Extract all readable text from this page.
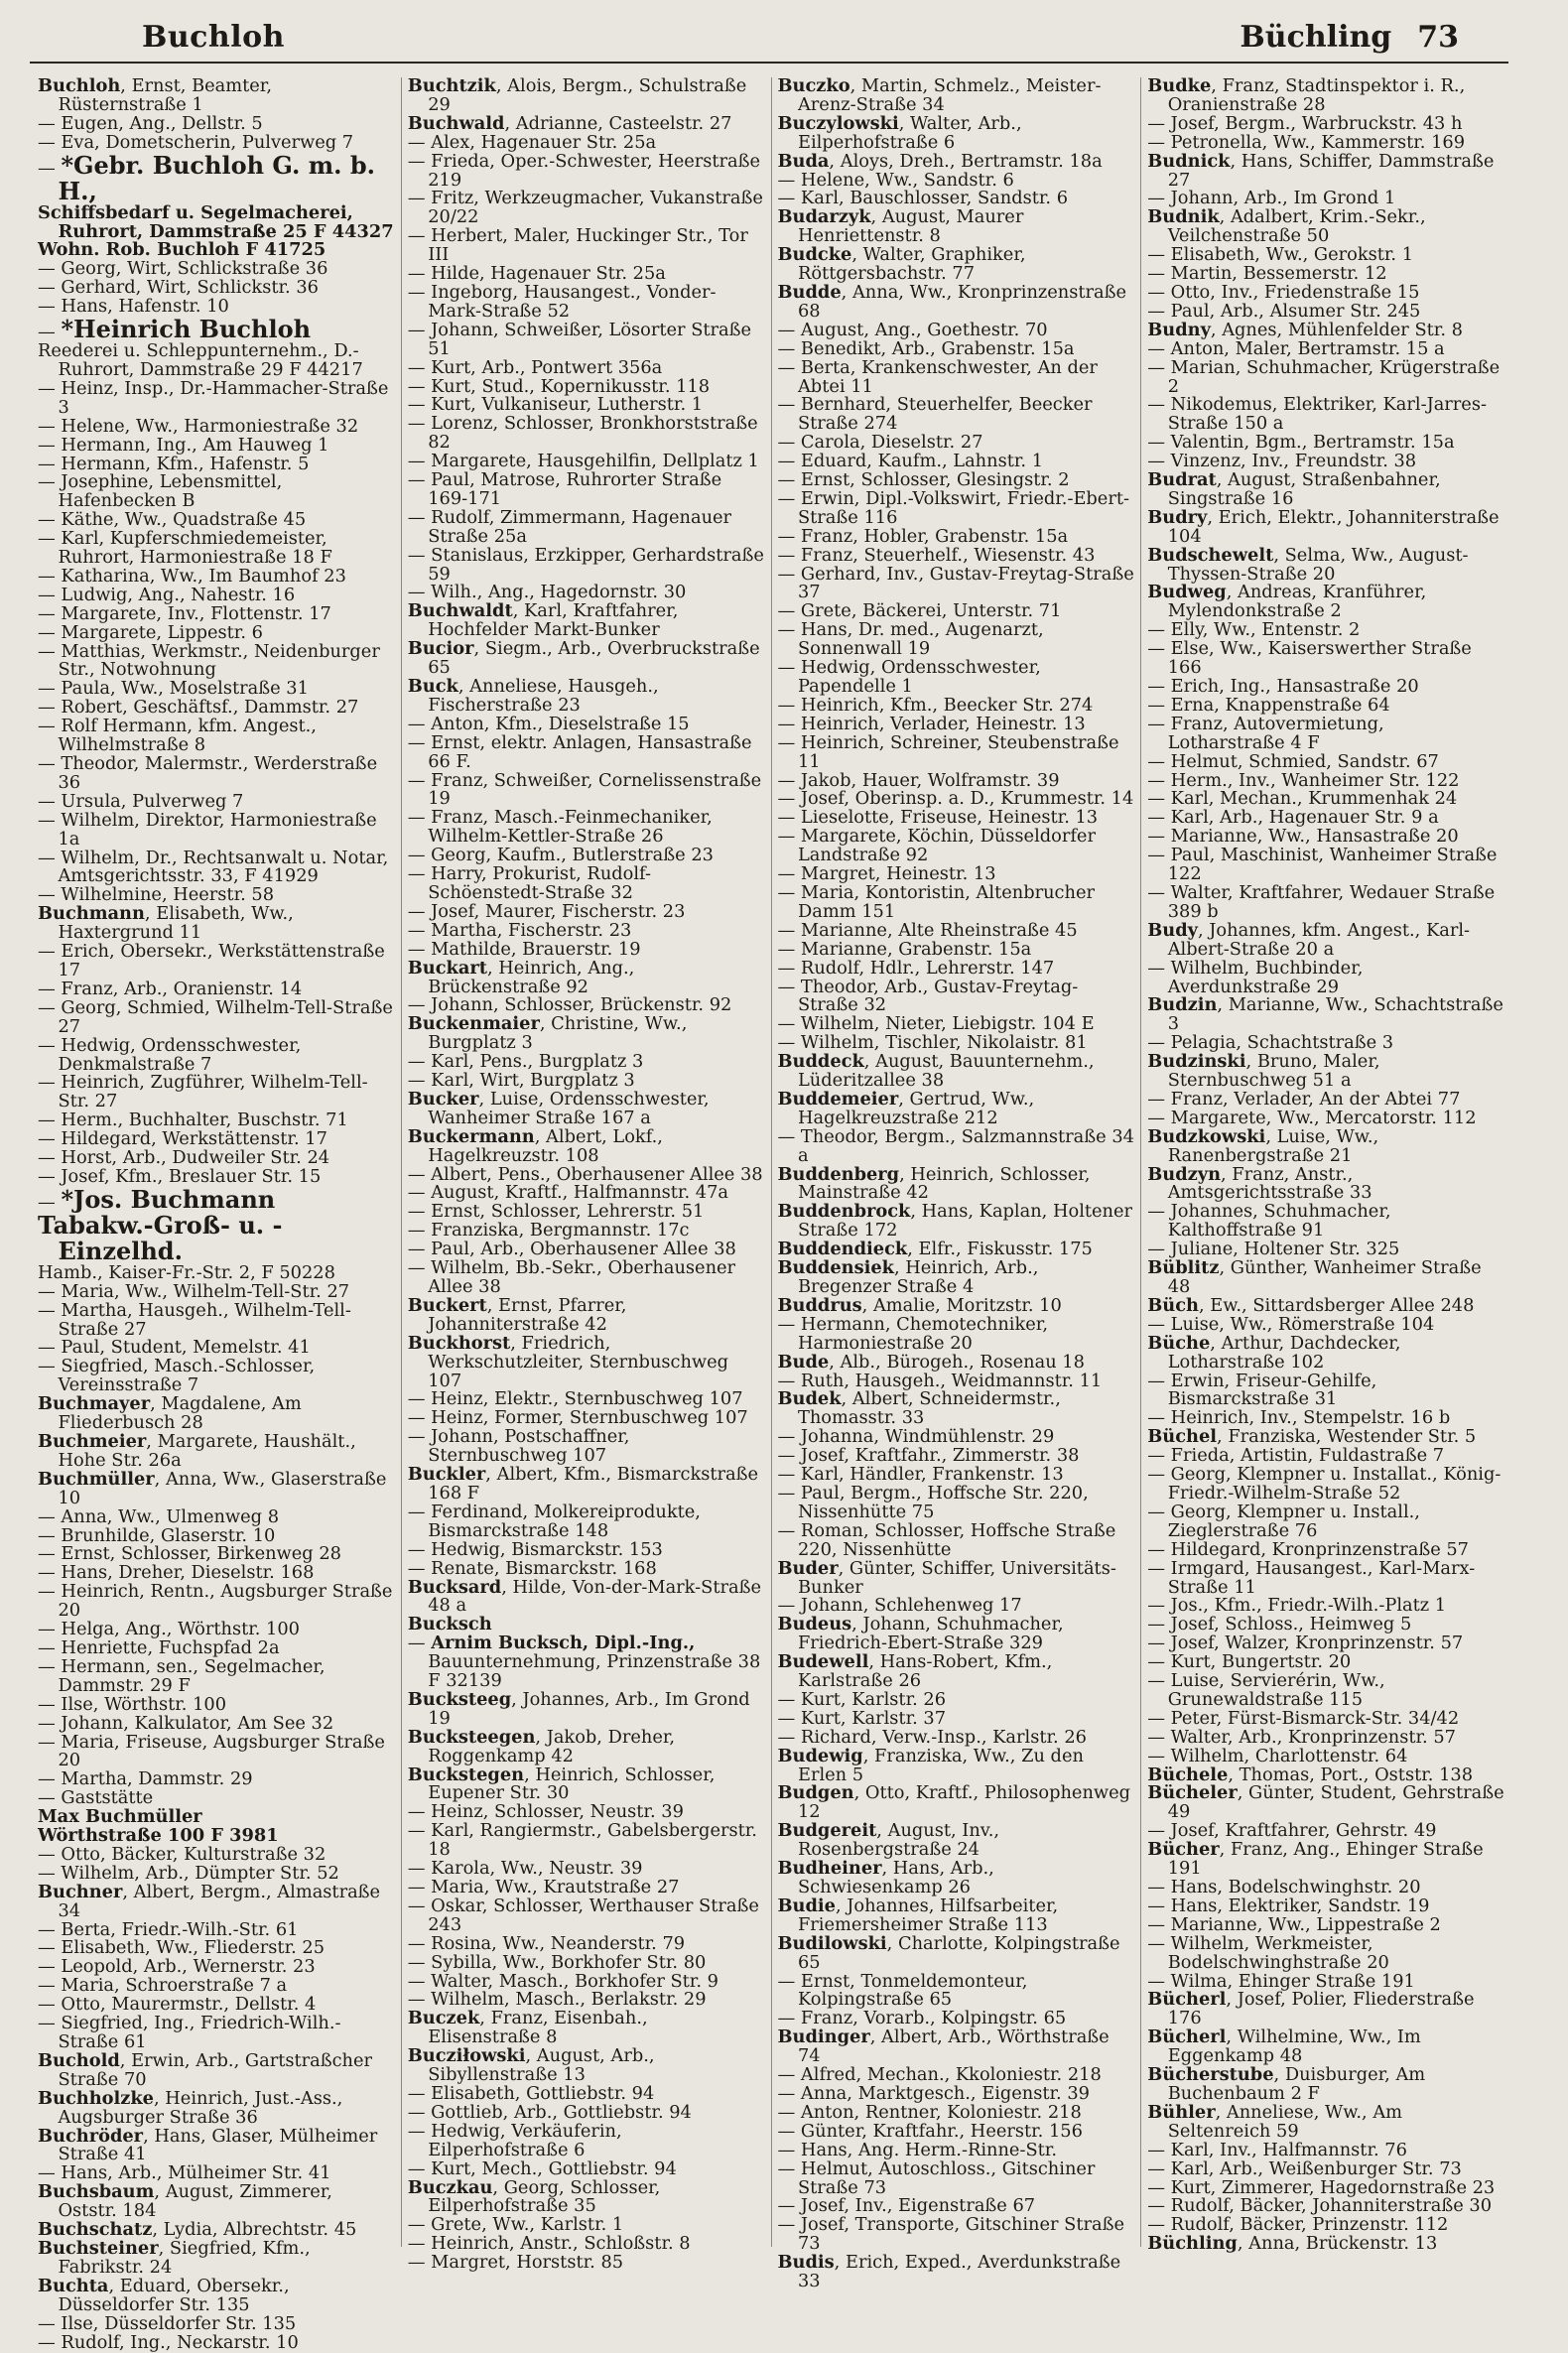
Buchloh	Büchling 73
Buchloh, Ernst, Beamter, Rüsternstraße 1
— Eugen, Ang., Dellstr. 5
— Eva, Dometscherin, Pulverweg 7
— *Gebr. Buchloh G. m. b. H.,
Schiffsbedarf u. Segelmacherei, Ruhrort, Dammstraße 25 F 44327
Wohn. Rob. Buchloh F 41725
— Georg, Wirt, Schlickstraße 36
— Gerhard, Wirt, Schlickstr. 36
— Hans, Hafenstr. 10
— *Heinrich Buchloh
Reederei u. Schleppunternehm., D.-Ruhrort, Dammstraße 29 F 44217
— Heinz, Insp., Dr.-Hammacher-Straße 3
— Helene, Ww., Harmoniestraße 32
— Hermann, Ing., Am Hauweg 1
— Hermann, Kfm., Hafenstr. 5
— Josephine, Lebensmittel, Hafenbecken B
— Käthe, Ww., Quadstraße 45
— Karl, Kupferschmiedemeister, Ruhrort, Harmoniestraße 18 F
— Katharina, Ww., Im Baumhof 23
— Ludwig, Ang., Nahestr. 16
— Margarete, Inv., Flottenstr. 17
— Margarete, Lippestr. 6
— Matthias, Werkmstr., Neidenburger Str., Notwohnung
— Paula, Ww., Moselstraße 31
— Robert, Geschäftsf., Dammstr. 27
— Rolf Hermann, kfm. Angest., Wilhelmstraße 8
— Theodor, Malermstr., Werderstraße 36
— Ursula, Pulverweg 7
— Wilhelm, Direktor, Harmoniestraße 1a
— Wilhelm, Dr., Rechtsanwalt u. Notar, Amtsgerichtsstr. 33, F 41929
— Wilhelmine, Heerstr. 58
Buchmann, Elisabeth, Ww., Haxtergrund 11
— Erich, Obersekr., Werkstättenstraße 17
— Franz, Arb., Oranienstr. 14
— Georg, Schmied, Wilhelm-Tell-Straße 27
— Hedwig, Ordensschwester, Denkmalstraße 7
— Heinrich, Zugführer, Wilhelm-Tell-Str. 27
— Herm., Buchhalter, Buschstr. 71
— Hildegard, Werkstättenstr. 17
— Horst, Arb., Dudweiler Str. 24
— Josef, Kfm., Breslauer Str. 15
— *Jos. Buchmann
Tabakw.-Groß- u. -Einzelhd.
Hamb., Kaiser-Fr.-Str. 2, F 50228
— Maria, Ww., Wilhelm-Tell-Str. 27
— Martha, Hausgeh., Wilhelm-Tell-Straße 27
— Paul, Student, Memelstr. 41
— Siegfried, Masch.-Schlosser, Vereinsstraße 7
Buchmayer, Magdalene, Am Fliederbusch 28
Buchmeier, Margarete, Haushält., Hohe Str. 26a
Buchmüller, Anna, Ww., Glaserstraße 10
— Anna, Ww., Ulmenweg 8
— Brunhilde, Glaserstr. 10
— Ernst, Schlosser, Birkenweg 28
— Hans, Dreher, Dieselstr. 168
— Heinrich, Rentn., Augsburger Straße 20
— Helga, Ang., Wörthstr. 100
— Henriette, Fuchspfad 2a
— Hermann, sen., Segelmacher, Dammstr. 29 F
— Ilse, Wörthstr. 100
— Johann, Kalkulator, Am See 32
— Maria, Friseuse, Augsburger Straße 20
— Martha, Dammstr. 29
— Gaststätte
Max Buchmüller
Wörthstraße 100 F 3981
— Otto, Bäcker, Kulturstraße 32
— Wilhelm, Arb., Dümpter Str. 52
Buchner, Albert, Bergm., Almastraße 34
— Berta, Friedr.-Wilh.-Str. 61
— Elisabeth, Ww., Fliederstr. 25
— Leopold, Arb., Wernerstr. 23
— Maria, Schroerstraße 7 a
— Otto, Maurermstr., Dellstr. 4
— Siegfried, Ing., Friedrich-Wilh.-Straße 61
Buchold, Erwin, Arb., Gartstraßcher Straße 70
Buchholzke, Heinrich, Just.-Ass., Augsburger Straße 36
Buchröder, Hans, Glaser, Mülheimer Straße 41
— Hans, Arb., Mülheimer Str. 41
Buchsbaum, August, Zimmerer, Oststr. 184
Buchschatz, Lydia, Albrechtstr. 45
Buchsteiner, Siegfried, Kfm., Fabrikstr. 24
Buchta, Eduard, Obersekr., Düsseldorfer Str. 135
— Ilse, Düsseldorfer Str. 135
— Rudolf, Ing., Neckarstr. 10
Buchtzik, Alois, Bergm., Schulstraße 29
Buchwald, Adrianne, Casteelstr. 27
— Alex, Hagenauer Str. 25a
— Frieda, Oper.-Schwester, Heerstraße 219
— Fritz, Werkzeugmacher, Vukanstraße 20/22
— Herbert, Maler, Huckinger Str., Tor III
— Hilde, Hagenauer Str. 25a
— Ingeborg, Hausangest., Vonder-Mark-Straße 52
— Johann, Schweißer, Lösorter Straße 51
— Kurt, Arb., Pontwert 356a
— Kurt, Stud., Kopernikusstr. 118
— Kurt, Vulkaniseur, Lutherstr. 1
— Lorenz, Schlosser, Bronkhorststraße 82
— Margarete, Hausgehilfin, Dellplatz 1
— Paul, Matrose, Ruhrorter Straße 169-171
— Rudolf, Zimmermann, Hagenauer Straße 25a
— Stanislaus, Erzkipper, Gerhardstraße 59
— Wilh., Ang., Hagedornstr. 30
Buchwaldt, Karl, Kraftfahrer, Hochfelder Markt-Bunker
Bucior, Siegm., Arb., Overbruckstraße 65
Buck, Anneliese, Hausgeh., Fischerstraße 23
— Anton, Kfm., Dieselstraße 15
— Ernst, elektr. Anlagen, Hansastraße 66 F.
— Franz, Schweißer, Cornelissenstraße 19
— Franz, Masch.-Feinmechaniker, Wilhelm-Kettler-Straße 26
— Georg, Kaufm., Butlerstraße 23
— Harry, Prokurist, Rudolf-Schöenstedt-Straße 32
— Josef, Maurer, Fischerstr. 23
— Martha, Fischerstr. 23
— Mathilde, Brauerstr. 19
Buckart, Heinrich, Ang., Brückenstraße 92
— Johann, Schlosser, Brückenstr. 92
Buckenmaier, Christine, Ww., Burgplatz 3
— Karl, Pens., Burgplatz 3
— Karl, Wirt, Burgplatz 3
Bucker, Luise, Ordensschwester, Wanheimer Straße 167 a
Buckermann, Albert, Lokf., Hagelkreuzstr. 108
— Albert, Pens., Oberhausener Allee 38
— August, Kraftf., Halfmannstr. 47a
— Ernst, Schlosser, Lehrerstr. 51
— Franziska, Bergmannstr. 17c
— Paul, Arb., Oberhausener Allee 38
— Wilhelm, Bb.-Sekr., Oberhausener Allee 38
Buckert, Ernst, Pfarrer, Johanniterstraße 42
Buckhorst, Friedrich, Werkschutzleiter, Sternbuschweg 107
— Heinz, Elektr., Sternbuschweg 107
— Heinz, Former, Sternbuschweg 107
— Johann, Postschaffner, Sternbuschweg 107
Buckler, Albert, Kfm., Bismarckstraße 168 F
— Ferdinand, Molkereiprodukte, Bismarckstraße 148
— Hedwig, Bismarckstr. 153
— Renate, Bismarckstr. 168
Bucksard, Hilde, Von-der-Mark-Straße 48 a
Bucksch
— Arnim Bucksch, Dipl.-Ing., Bauunternehmung, Prinzenstraße 38 F 32139
Bucksteeg, Johannes, Arb., Im Grond 19
Bucksteegen, Jakob, Dreher, Roggenkamp 42
Buckstegen, Heinrich, Schlosser, Eupener Str. 30
— Heinz, Schlosser, Neustr. 39
— Karl, Rangiermstr., Gabelsbergerstr. 18
— Karola, Ww., Neustr. 39
— Maria, Ww., Krautstraße 27
— Oskar, Schlosser, Werthauser Straße 243
— Rosina, Ww., Neanderstr. 79
— Sybilla, Ww., Borkhofer Str. 80
— Walter, Masch., Borkhofer Str. 9
— Wilhelm, Masch., Berlakstr. 29
Buczek, Franz, Eisenbah., Elisenstraße 8
Bucziłowski, August, Arb., Sibyllenstraße 13
— Elisabeth, Gottliebstr. 94
— Gottlieb, Arb., Gottliebstr. 94
— Hedwig, Verkäuferin, Eilperhofstraße 6
— Kurt, Mech., Gottliebstr. 94
Buczkau, Georg, Schlosser, Eilperhofstraße 35
— Grete, Ww., Karlstr. 1
— Heinrich, Anstr., Schloßstr. 8
— Margret, Horststr. 85
Buczko, Martin, Schmelz., Meister-Arenz-Straße 34
Buczylowski, Walter, Arb., Eilperhofstraße 6
Buda, Aloys, Dreh., Bertramstr. 18a
— Helene, Ww., Sandstr. 6
— Karl, Bauschlosser, Sandstr. 6
Budarzyk, August, Maurer Henriettenstr. 8
Budcke, Walter, Graphiker, Röttgersbachstr. 77
Budde, Anna, Ww., Kronprinzenstraße 68
— August, Ang., Goethestr. 70
— Benedikt, Arb., Grabenstr. 15a
— Berta, Krankenschwester, An der Abtei 11
— Bernhard, Steuerhelfer, Beecker Straße 274
— Carola, Dieselstr. 27
— Eduard, Kaufm., Lahnstr. 1
— Ernst, Schlosser, Glesingstr. 2
— Erwin, Dipl.-Volkswirt, Friedr.-Ebert-Straße 116
— Franz, Hobler, Grabenstr. 15a
— Franz, Steuerhelf., Wiesenstr. 43
— Gerhard, Inv., Gustav-Freytag-Straße 37
— Grete, Bäckerei, Unterstr. 71
— Hans, Dr. med., Augenarzt, Sonnenwall 19
— Hedwig, Ordensschwester, Papendelle 1
— Heinrich, Kfm., Beecker Str. 274
— Heinrich, Verlader, Heinestr. 13
— Heinrich, Schreiner, Steubenstraße 11
— Jakob, Hauer, Wolframstr. 39
— Josef, Oberinsp. a. D., Krummestr. 14
— Lieselotte, Friseuse, Heinestr. 13
— Margarete, Köchin, Düsseldorfer Landstraße 92
— Margret, Heinestr. 13
— Maria, Kontoristin, Altenbrucher Damm 151
— Marianne, Alte Rheinstraße 45
— Marianne, Grabenstr. 15a
— Rudolf, Hdlr., Lehrerstr. 147
— Theodor, Arb., Gustav-Freytag-Straße 32
— Wilhelm, Nieter, Liebigstr. 104 E
— Wilhelm, Tischler, Nikolaistr. 81
Buddeck, August, Bauunternehm., Lüderitzallee 38
Buddemeier, Gertrud, Ww., Hagelkreuzstraße 212
— Theodor, Bergm., Salzmannstraße 34 a
Buddenberg, Heinrich, Schlosser, Mainstraße 42
Buddenbrock, Hans, Kaplan, Holtener Straße 172
Buddendieck, Elfr., Fiskusstr. 175
Buddensiek, Heinrich, Arb., Bregenzer Straße 4
Buddrus, Amalie, Moritzstr. 10
— Hermann, Chemotechniker, Harmoniestraße 20
Bude, Alb., Bürogeh., Rosenau 18
— Ruth, Hausgeh., Weidmannstr. 11
Budek, Albert, Schneidermstr., Thomasstr. 33
— Johanna, Windmühlenstr. 29
— Josef, Kraftfahr., Zimmerstr. 38
— Karl, Händler, Frankenstr. 13
— Paul, Bergm., Hoffsche Str. 220, Nissenhütte 75
— Roman, Schlosser, Hoffsche Straße 220, Nissenhütte
Buder, Günter, Schiffer, Universitäts-Bunker
— Johann, Schlehenweg 17
Budeus, Johann, Schuhmacher, Friedrich-Ebert-Straße 329
Budewell, Hans-Robert, Kfm., Karlstraße 26
— Kurt, Karlstr. 26
— Kurt, Karlstr. 37
— Richard, Verw.-Insp., Karlstr. 26
Budewig, Franziska, Ww., Zu den Erlen 5
Budgen, Otto, Kraftf., Philosophenweg 12
Budgereit, August, Inv., Rosenbergstraße 24
Budheiner, Hans, Arb., Schwiesenkamp 26
Budie, Johannes, Hilfsarbeiter, Friemersheimer Straße 113
Budilowski, Charlotte, Kolpingstraße 65
— Ernst, Tonmeldemonteur, Kolpingstraße 65
— Franz, Vorarb., Kolpingstr. 65
Budinger, Albert, Arb., Wörthstraße 74
— Alfred, Mechan., Kkoloniestr. 218
— Anna, Marktgesch., Eigenstr. 39
— Anton, Rentner, Koloniestr. 218
— Günter, Kraftfahr., Heerstr. 156
— Hans, Ang. Herm.-Rinne-Str.
— Helmut, Autoschloss., Gitschiner Straße 73
— Josef, Inv., Eigenstraße 67
— Josef, Transporte, Gitschiner Straße 73
Budis, Erich, Exped., Averdunkstraße 33
Budke, Franz, Stadtinspektor i. R., Oranienstraße 28
— Josef, Bergm., Warbruckstr. 43 h
— Petronella, Ww., Kammerstr. 169
Budnick, Hans, Schiffer, Dammstraße 27
— Johann, Arb., Im Grond 1
Budnik, Adalbert, Krim.-Sekr., Veilchenstraße 50
— Elisabeth, Ww., Gerokstr. 1
— Martin, Bessemerstr. 12
— Otto, Inv., Friedenstraße 15
— Paul, Arb., Alsumer Str. 245
Budny, Agnes, Mühlenfelder Str. 8
— Anton, Maler, Bertramstr. 15 a
— Marian, Schuhmacher, Krügerstraße 2
— Nikodemus, Elektriker, Karl-Jarres-Straße 150 a
— Valentin, Bgm., Bertramstr. 15a
— Vinzenz, Inv., Freundstr. 38
Budrat, August, Straßenbahner, Singstraße 16
Budry, Erich, Elektr., Johanniterstraße 104
Budschewelt, Selma, Ww., August-Thyssen-Straße 20
Budweg, Andreas, Kranführer, Mylendonkstraße 2
— Elly, Ww., Entenstr. 2
— Else, Ww., Kaiserswerther Straße 166
— Erich, Ing., Hansastraße 20
— Erna, Knappenstraße 64
— Franz, Autovermietung, Lotharstraße 4 F
— Helmut, Schmied, Sandstr. 67
— Herm., Inv., Wanheimer Str. 122
— Karl, Mechan., Krummenhak 24
— Karl, Arb., Hagenauer Str. 9 a
— Marianne, Ww., Hansastraße 20
— Paul, Maschinist, Wanheimer Straße 122
— Walter, Kraftfahrer, Wedauer Straße 389 b
Budy, Johannes, kfm. Angest., Karl-Albert-Straße 20 a
— Wilhelm, Buchbinder, Averdunkstraße 29
Budzin, Marianne, Ww., Schachtstraße 3
— Pelagia, Schachtstraße 3
Budzinski, Bruno, Maler, Sternbuschweg 51 a
— Franz, Verlader, An der Abtei 77
— Margarete, Ww., Mercatorstr. 112
Budzkowski, Luise, Ww., Ranenbergstraße 21
Budzyn, Franz, Anstr., Amtsgerichtsstraße 33
— Johannes, Schuhmacher, Kalthoffstraße 91
— Juliane, Holtener Str. 325
Büblitz, Günther, Wanheimer Straße 48
Büch, Ew., Sittardsberger Allee 248
— Luise, Ww., Römerstraße 104
Büche, Arthur, Dachdecker, Lotharstraße 102
— Erwin, Friseur-Gehilfe, Bismarckstraße 31
— Heinrich, Inv., Stempelstr. 16 b
Büchel, Franziska, Westender Str. 5
— Frieda, Artistin, Fuldastraße 7
— Georg, Klempner u. Installat., König-Friedr.-Wilhelm-Straße 52
— Georg, Klempner u. Install., Zieglerstraße 76
— Hildegard, Kronprinzenstraße 57
— Irmgard, Hausangest., Karl-Marx-Straße 11
— Jos., Kfm., Friedr.-Wilh.-Platz 1
— Josef, Schloss., Heimweg 5
— Josef, Walzer, Kronprinzenstr. 57
— Kurt, Bungertstr. 20
— Luise, Servierérin, Ww., Grunewaldstraße 115
— Peter, Fürst-Bismarck-Str. 34/42
— Walter, Arb., Kronprinzenstr. 57
— Wilhelm, Charlottenstr. 64
Büchele, Thomas, Port., Oststr. 138
Bücheler, Günter, Student, Gehrstraße 49
— Josef, Kraftfahrer, Gehrstr. 49
Bücher, Franz, Ang., Ehinger Straße 191
— Hans, Bodelschwinghstr. 20
— Hans, Elektriker, Sandstr. 19
— Marianne, Ww., Lippestraße 2
— Wilhelm, Werkmeister, Bodelschwinghstraße 20
— Wilma, Ehinger Straße 191
Bücherl, Josef, Polier, Fliederstraße 176
Bücherl, Wilhelmine, Ww., Im Eggenkamp 48
Bücherstube, Duisburger, Am Buchenbaum 2 F
Bühler, Anneliese, Ww., Am Seltenreich 59
— Karl, Inv., Halfmannstr. 76
— Karl, Arb., Weißenburger Str. 73
— Kurt, Zimmerer, Hagedornstraße 23
— Rudolf, Bäcker, Johanniterstraße 30
— Rudolf, Bäcker, Prinzenstr. 112
Büchling, Anna, Brückenstr. 13
